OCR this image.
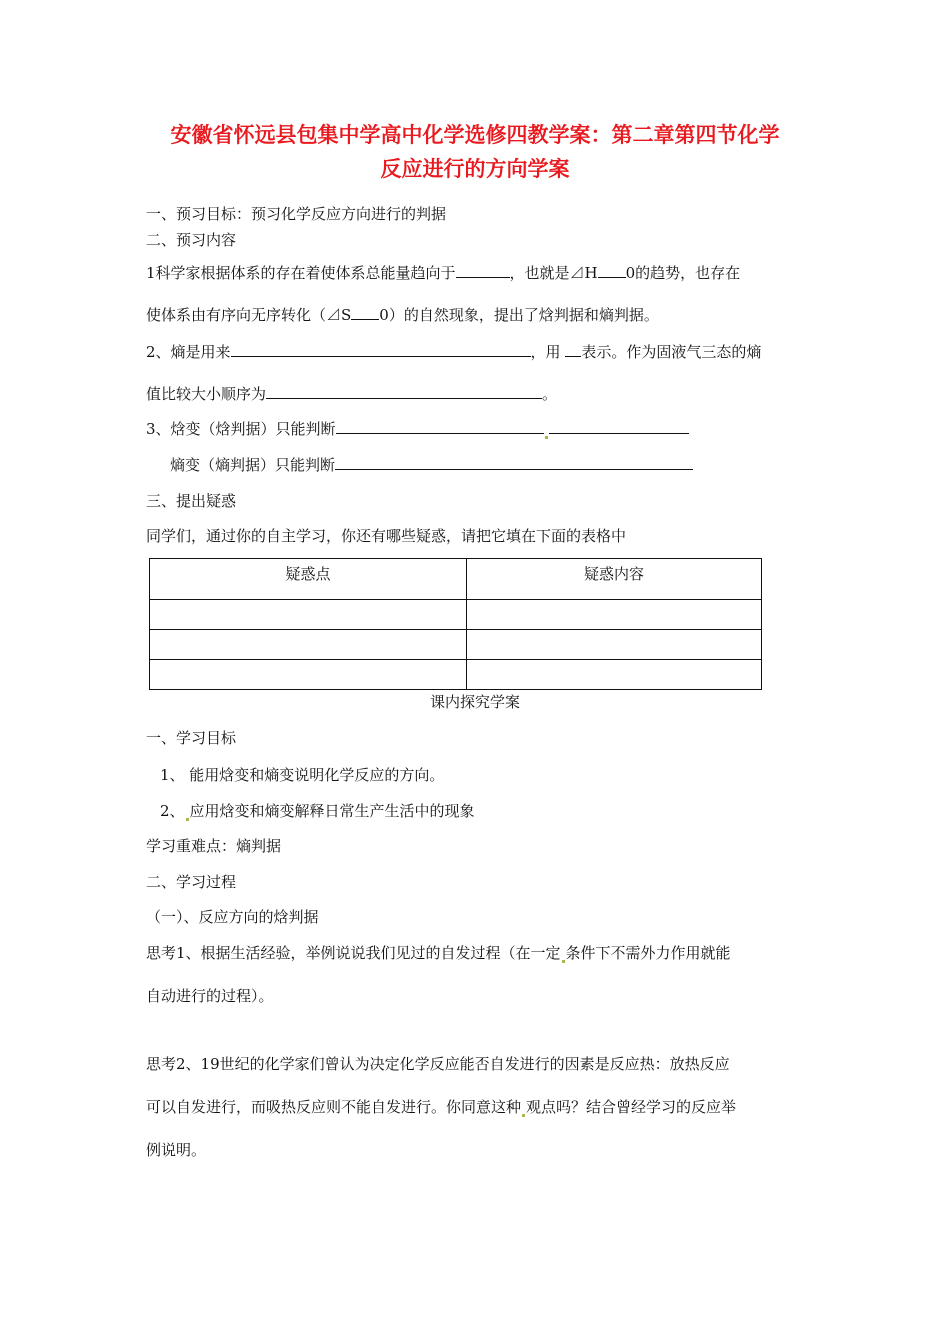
安徽省怀远县包集中学高中化学选修四教学案：第二章第四节化学
反应进行的方向学案
一、预习目标：预习化学反应方向进行的判据
二、预习内容
1科学家根据体系的存在着使体系总能量趋向于	，也就是⊿H 0的趋势，也存在
使体系由有序向无序转化（⊿S 0）的自然现象，提出了焓判据和熵判据。
2、熵是用来	，用 表示。作为固液气三态的熵
值比较大小顺序为	。
3、焓变（焓判据）只能判断
熵变（熵判据）只能判断
三、提出疑惑
同学们，通过你的自主学习，你还有哪些疑惑，请把它填在下面的表格中
疑惑点	疑惑内容

课内探究学案
一、学习目标
1、 能用焓变和熵变说明化学反应的方向。
2、 应用焓变和熵变解释日常生产生活中的现象
学习重难点：熵判据
二、学习过程
（一）、反应方向的焓判据
思考1、根据生活经验，举例说说我们见过的自发过程（在一定 条件下不需外力作用就能
自动进行的过程）。
思考2、19世纪的化学家们曾认为决定化学反应能否自发进行的因素是反应热：放热反应
可以自发进行，而吸热反应则不能自发进行。你同意这种 观点吗？结合曾经学习的反应举
例说明。
